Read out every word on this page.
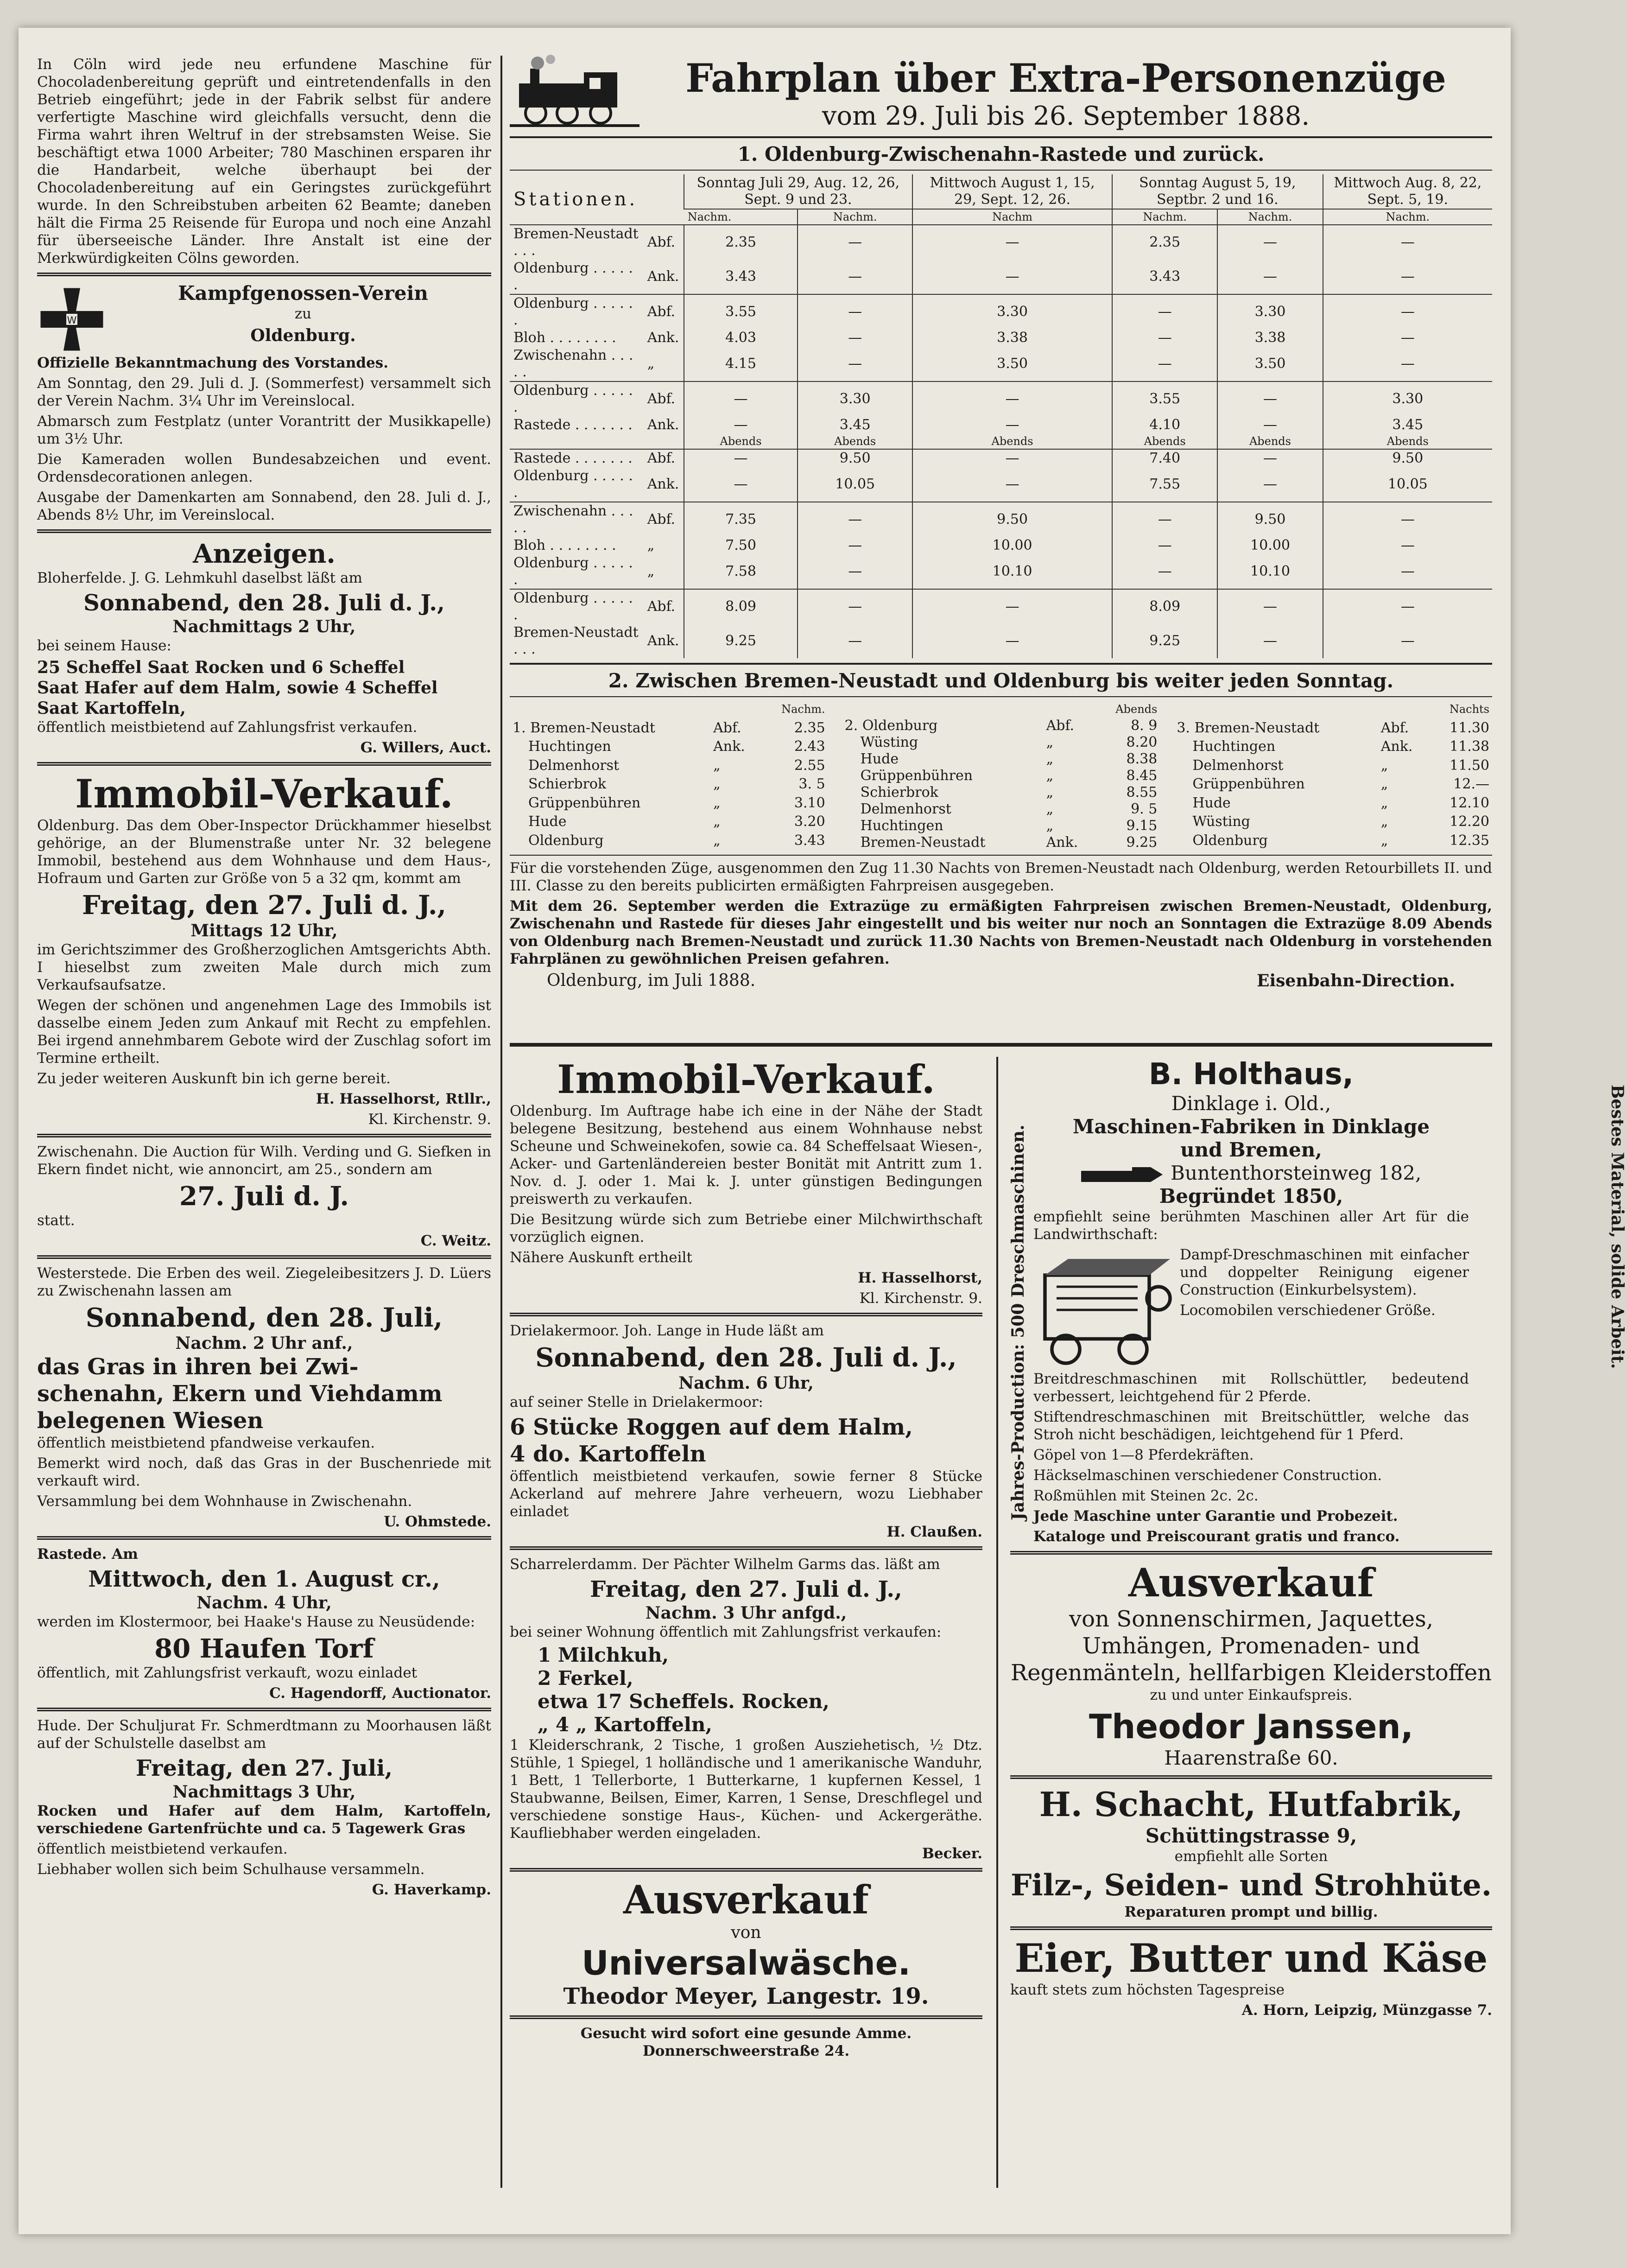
In Cöln wird jede neu erfundene Maschine für Chocoladenbereitung geprüft und eintretendenfalls in den Betrieb eingeführt; jede in der Fabrik selbst für andere verfertigte Maschine wird gleichfalls versucht, denn die Firma wahrt ihren Weltruf in der strebsamsten Weise. Sie beschäftigt etwa 1000 Arbeiter; 780 Maschinen ersparen ihr die Handarbeit, welche überhaupt bei der Chocoladenbereitung auf ein Geringstes zurückgeführt wurde. In den Schreibstuben arbeiten 62 Beamte; daneben hält die Firma 25 Reisende für Europa und noch eine Anzahl für überseeische Länder. Ihre Anstalt ist eine der Merkwürdigkeiten Cölns geworden.

W

Kampfgenossen-Verein

zu

Oldenburg.

Offizielle Bekanntmachung des Vorstandes.

Am Sonntag, den 29. Juli d. J. (Sommerfest) versammelt sich der Verein Nachm. 3¼ Uhr im Vereinslocal.

Abmarsch zum Festplatz (unter Vorantritt der Musikkapelle) um 3½ Uhr.

Die Kameraden wollen Bundesabzeichen und event. Ordensdecorationen anlegen.

Ausgabe der Damenkarten am Sonnabend, den 28. Juli d. J., Abends 8½ Uhr, im Vereinslocal.

Anzeigen.

Bloherfelde. J. G. Lehmkuhl daselbst läßt am

Sonnabend, den 28. Juli d. J.,

Nachmittags 2 Uhr,

bei seinem Hause:

25 Scheffel Saat Rocken und 6 Scheffel

Saat Hafer auf dem Halm, sowie 4 Scheffel

Saat Kartoffeln,

öffentlich meistbietend auf Zahlungsfrist verkaufen.

G. Willers, Auct.

Immobil-Verkauf.

Oldenburg. Das dem Ober-Inspector Drückhammer hieselbst gehörige, an der Blumenstraße unter Nr. 32 belegene Immobil, bestehend aus dem Wohnhause und dem Haus-, Hofraum und Garten zur Größe von 5 a 32 qm, kommt am

Freitag, den 27. Juli d. J.,

Mittags 12 Uhr,

im Gerichtszimmer des Großherzoglichen Amtsgerichts Abth. I hieselbst zum zweiten Male durch mich zum Verkaufsaufsatze.

Wegen der schönen und angenehmen Lage des Immobils ist dasselbe einem Jeden zum Ankauf mit Recht zu empfehlen. Bei irgend annehmbarem Gebote wird der Zuschlag sofort im Termine ertheilt.

Zu jeder weiteren Auskunft bin ich gerne bereit.

H. Hasselhorst, Rtllr.,

Kl. Kirchenstr. 9.

Zwischenahn. Die Auction für Wilh. Verding und G. Siefken in Ekern findet nicht, wie annoncirt, am 25., sondern am

27. Juli d. J.

statt.

C. Weitz.

Westerstede. Die Erben des weil. Ziegeleibesitzers J. D. Lüers zu Zwischenahn lassen am

Sonnabend, den 28. Juli,

Nachm. 2 Uhr anf.,

das Gras in ihren bei Zwi-

schenahn, Ekern und Viehdamm belegenen Wiesen

öffentlich meistbietend pfandweise verkaufen.

Bemerkt wird noch, daß das Gras in der Buschenriede mit verkauft wird.

Versammlung bei dem Wohnhause in Zwischenahn.

U. Ohmstede.

Rastede. Am

Mittwoch, den 1. August cr.,

Nachm. 4 Uhr,

werden im Klostermoor, bei Haake's Hause zu Neusüdende:

80 Haufen Torf

öffentlich, mit Zahlungsfrist verkauft, wozu einladet

C. Hagendorff, Auctionator.

Hude. Der Schuljurat Fr. Schmerdtmann zu Moorhausen läßt auf der Schulstelle daselbst am

Freitag, den 27. Juli,

Nachmittags 3 Uhr,

Rocken und Hafer auf dem Halm, Kartoffeln, verschiedene Gartenfrüchte und ca. 5 Tagewerk Gras

öffentlich meistbietend verkaufen.

Liebhaber wollen sich beim Schulhause versammeln.

G. Haverkamp.

Fahrplan über Extra-Personenzüge

vom 29. Juli bis 26. September 1888.

1. Oldenburg-Zwischenahn-Rastede und zurück.

Stationen.		Sonntag Juli 29, Aug. 12, 26, Sept. 9 und 23.		Mittwoch August 1, 15, 29, Sept. 12, 26.	Sonntag August 5, 19, Septbr. 2 und 16.		Mittwoch Aug. 8, 22, Sept. 5, 19.
		Nachm.	Nachm.	Nachm	Nachm.	Nachm.	Nachm.
Bremen-Neustadt . . .	Abf.	2.35	—	—	2.35	—	—
Oldenburg . . . . . .	Ank.	3.43	—	—	3.43	—	—
Oldenburg . . . . . .	Abf.	3.55	—	3.30	—	3.30	—
Bloh . . . . . . . .	Ank.	4.03	—	3.38	—	3.38	—
Zwischenahn . . . . .	„	4.15	—	3.50	—	3.50	—
Oldenburg . . . . . .	Abf.	—	3.30	—	3.55	—	3.30
Rastede . . . . . . .	Ank.	—	3.45	—	4.10	—	3.45
		Abends	Abends	Abends	Abends	Abends	Abends
Rastede . . . . . . .	Abf.	—	9.50	—	7.40	—	9.50
Oldenburg . . . . . .	Ank.	—	10.05	—	7.55	—	10.05
Zwischenahn . . . . .	Abf.	7.35	—	9.50	—	9.50	—
Bloh . . . . . . . .	„	7.50	—	10.00	—	10.00	—
Oldenburg . . . . . .	„	7.58	—	10.10	—	10.10	—
Oldenburg . . . . . .	Abf.	8.09	—	—	8.09	—	—
Bremen-Neustadt . . .	Ank.	9.25	—	—	9.25	—	—

2. Zwischen Bremen-Neustadt und Oldenburg bis weiter jeden Sonntag.

		Nachm.
1. Bremen-Neustadt	Abf.	2.35
Huchtingen	Ank.	2.43
Delmenhorst	„	2.55
Schierbrok	„	3. 5
Grüppenbühren	„	3.10
Hude	„	3.20
Oldenburg	„	3.43
		Abends
2. Oldenburg	Abf.	8. 9
Wüsting	„	8.20
Hude	„	8.38
Grüppenbühren	„	8.45
Schierbrok	„	8.55
Delmenhorst	„	9. 5
Huchtingen	„	9.15
Bremen-Neustadt	Ank.	9.25
		Nachts
3. Bremen-Neustadt	Abf.	11.30
Huchtingen	Ank.	11.38
Delmenhorst	„	11.50
Grüppenbühren	„	12.—
Hude	„	12.10
Wüsting	„	12.20
Oldenburg	„	12.35

Für die vorstehenden Züge, ausgenommen den Zug 11.30 Nachts von Bremen-Neustadt nach Oldenburg, werden Retourbillets II. und III. Classe zu den bereits publicirten ermäßigten Fahrpreisen ausgegeben.

Mit dem 26. September werden die Extrazüge zu ermäßigten Fahrpreisen zwischen Bremen-Neustadt, Oldenburg, Zwischenahn und Rastede für dieses Jahr eingestellt und bis weiter nur noch an Sonntagen die Extrazüge 8.09 Abends von Oldenburg nach Bremen-Neustadt und zurück 11.30 Nachts von Bremen-Neustadt nach Oldenburg in vorstehenden Fahrplänen zu gewöhnlichen Preisen gefahren.

Oldenburg, im Juli 1888.	Eisenbahn-Direction.

Immobil-Verkauf.

Oldenburg. Im Auftrage habe ich eine in der Nähe der Stadt belegene Besitzung, bestehend aus einem Wohnhause nebst Scheune und Schweinekofen, sowie ca. 84 Scheffelsaat Wiesen-, Acker- und Gartenländereien bester Bonität mit Antritt zum 1. Nov. d. J. oder 1. Mai k. J. unter günstigen Bedingungen preiswerth zu verkaufen.

Die Besitzung würde sich zum Betriebe einer Milchwirthschaft vorzüglich eignen.

Nähere Auskunft ertheilt

H. Hasselhorst,

Kl. Kirchenstr. 9.

Drielakermoor. Joh. Lange in Hude läßt am

Sonnabend, den 28. Juli d. J.,

Nachm. 6 Uhr,

auf seiner Stelle in Drielakermoor:

6 Stücke Roggen auf dem Halm,

4 do. Kartoffeln

öffentlich meistbietend verkaufen, sowie ferner 8 Stücke Ackerland auf mehrere Jahre verheuern, wozu Liebhaber einladet

H. Claußen.

Scharrelerdamm. Der Pächter Wilhelm Garms das. läßt am

Freitag, den 27. Juli d. J.,

Nachm. 3 Uhr anfgd.,

bei seiner Wohnung öffentlich mit Zahlungsfrist verkaufen:

1 Milchkuh,

2 Ferkel,

etwa 17 Scheffels. Rocken,

„ 4 „ Kartoffeln,

1 Kleiderschrank, 2 Tische, 1 großen Ausziehetisch, ½ Dtz. Stühle, 1 Spiegel, 1 holländische und 1 amerikanische Wanduhr, 1 Bett, 1 Tellerborte, 1 Butterkarne, 1 kupfernen Kessel, 1 Staubwanne, Beilsen, Eimer, Karren, 1 Sense, Dreschflegel und verschiedene sonstige Haus-, Küchen- und Ackergeräthe. Kaufliebhaber werden eingeladen.

Becker.

Ausverkauf

von

Universalwäsche.

Theodor Meyer, Langestr. 19.

Gesucht wird sofort eine gesunde Amme. Donnerschweerstraße 24.

B. Holthaus,

Dinklage i. Old.,

Maschinen-Fabriken in Dinklage

und Bremen,

Buntenthorsteinweg 182,

Begründet 1850,

empfiehlt seine berühmten Maschinen aller Art für die Landwirthschaft:

Dampf-Dreschmaschinen mit einfacher und doppelter Reinigung eigener Construction (Einkurbelsystem).

Locomobilen verschiedener Größe.

Breitdreschmaschinen mit Rollschüttler, bedeutend verbessert, leichtgehend für 2 Pferde.

Stiftendreschmaschinen mit Breitschüttler, welche das Stroh nicht beschädigen, leichtgehend für 1 Pferd.

Göpel von 1—8 Pferdekräften.

Häckselmaschinen verschiedener Construction.

Roßmühlen mit Steinen 2c. 2c.

Jede Maschine unter Garantie und Probezeit.

Kataloge und Preiscourant gratis und franco.

Jahres-Production: 500 Dreschmaschinen.	Bestes Material, solide Arbeit.

Ausverkauf

von Sonnenschirmen, Jaquettes, Umhängen, Promenaden- und Regenmänteln, hellfarbigen Kleiderstoffen

zu und unter Einkaufspreis.

Theodor Janssen,

Haarenstraße 60.

H. Schacht, Hutfabrik,

Schüttingstrasse 9,

empfiehlt alle Sorten

Filz-, Seiden- und Strohhüte.

Reparaturen prompt und billig.

Eier, Butter und Käse

kauft stets zum höchsten Tagespreise

A. Horn, Leipzig, Münzgasse 7.
